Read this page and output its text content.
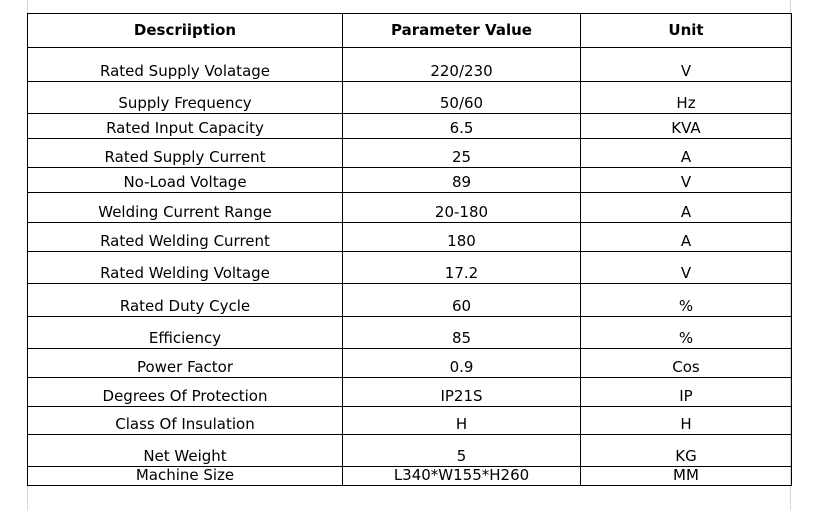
Descriiption	Parameter Value	Unit
Rated Supply Volatage	220/230	V
Supply Frequency	50/60	Hz
Rated Input Capacity	6.5	KVA
Rated Supply Current	25	A
No-Load Voltage	89	V
Welding Current Range	20-180	A
Rated Welding Current	180	A
Rated Welding Voltage	17.2	V
Rated Duty Cycle	60	%
Efficiency	85	%
Power Factor	0.9	Cos
Degrees Of Protection	IP21S	IP
Class Of Insulation	H	H
Net Weight	5	KG
Machine Size	L340*W155*H260	MM
